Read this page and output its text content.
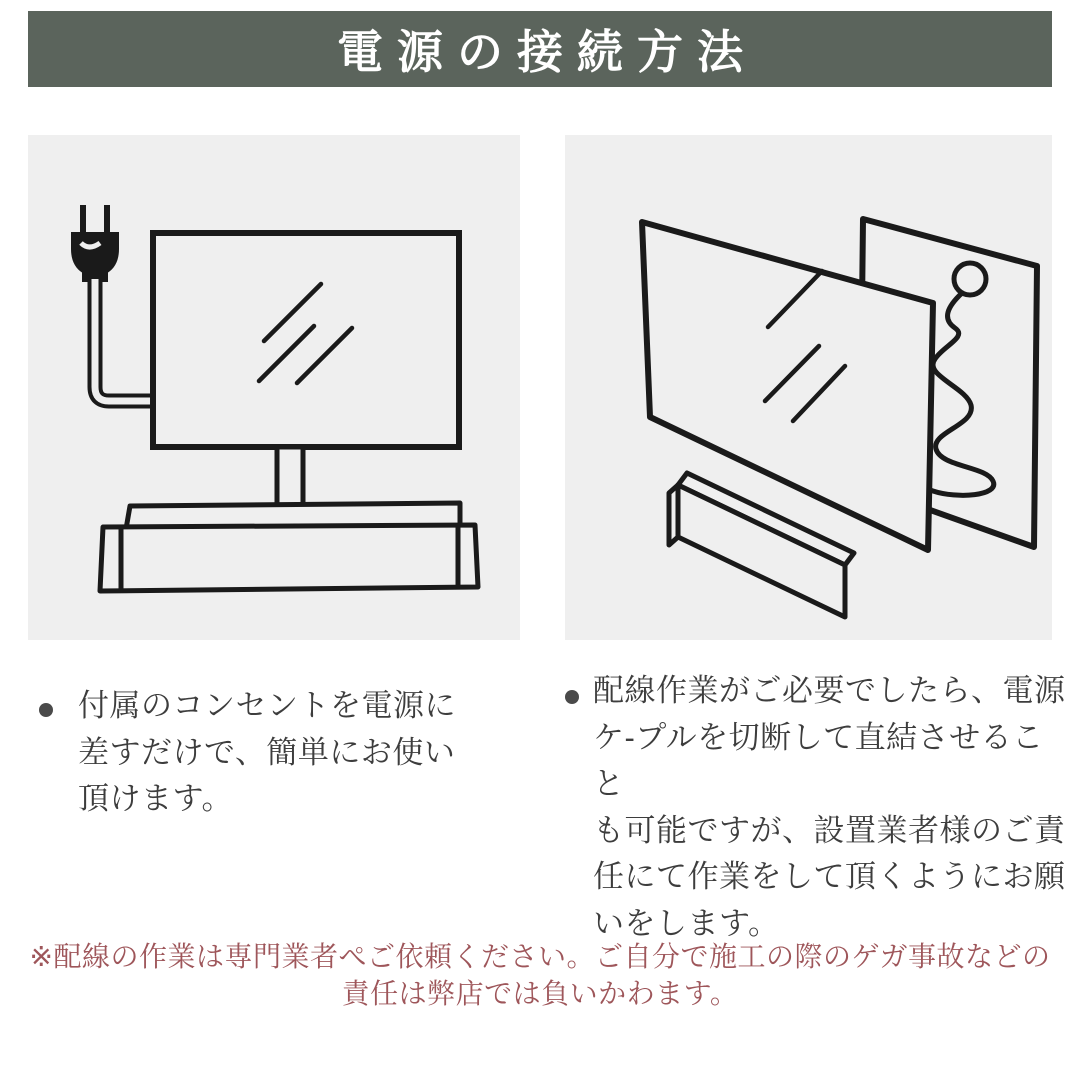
電源の接続方法
付属のコンセントを電源に
差すだけで、簡単にお使い
頂けます。
配線作業がご必要でしたら、電源
ケ-プルを切断して直結させること
も可能ですが、設置業者様のご責
任にて作業をして頂くようにお願
いをします。
※配線の作業は専門業者ぺご依頼ください。ご自分で施工の際のゲガ事故などの
責任は弊店では負いかわます。
